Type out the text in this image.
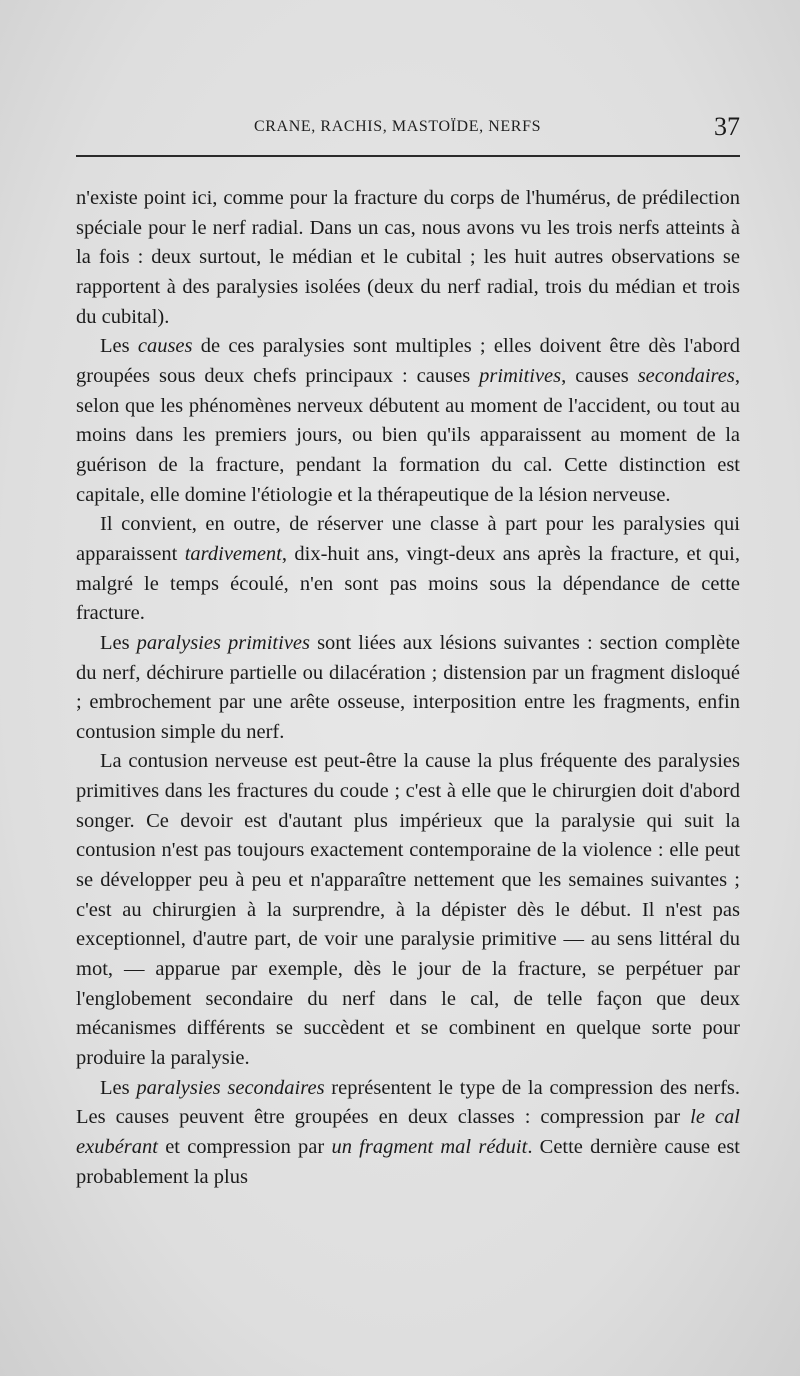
CRANE, RACHIS, MASTOÏDE, NERFS	37

n'existe point ici, comme pour la fracture du corps de l'humérus, de prédilection spéciale pour le nerf radial. Dans un cas, nous avons vu les trois nerfs atteints à la fois : deux surtout, le médian et le cubital ; les huit autres observations se rapportent à des paralysies isolées (deux du nerf radial, trois du médian et trois du cubital).

Les causes de ces paralysies sont multiples ; elles doivent être dès l'abord groupées sous deux chefs principaux : causes primitives, causes secondaires, selon que les phénomènes nerveux débutent au moment de l'accident, ou tout au moins dans les premiers jours, ou bien qu'ils apparaissent au moment de la guérison de la fracture, pendant la formation du cal. Cette distinction est capitale, elle domine l'étiologie et la thérapeutique de la lésion nerveuse.

Il convient, en outre, de réserver une classe à part pour les paralysies qui apparaissent tardivement, dix-huit ans, vingt-deux ans après la fracture, et qui, malgré le temps écoulé, n'en sont pas moins sous la dépendance de cette fracture.

Les paralysies primitives sont liées aux lésions suivantes : section complète du nerf, déchirure partielle ou dilacération ; distension par un fragment disloqué ; embrochement par une arête osseuse, interposition entre les fragments, enfin contusion simple du nerf.

La contusion nerveuse est peut-être la cause la plus fréquente des paralysies primitives dans les fractures du coude ; c'est à elle que le chirurgien doit d'abord songer. Ce devoir est d'autant plus impérieux que la paralysie qui suit la contusion n'est pas toujours exactement contemporaine de la violence : elle peut se développer peu à peu et n'apparaître nettement que les semaines suivantes ; c'est au chirurgien à la surprendre, à la dépister dès le début. Il n'est pas exceptionnel, d'autre part, de voir une paralysie primitive — au sens littéral du mot, — apparue par exemple, dès le jour de la fracture, se perpétuer par l'englobement secondaire du nerf dans le cal, de telle façon que deux mécanismes différents se succèdent et se combinent en quelque sorte pour produire la paralysie.

Les paralysies secondaires représentent le type de la compression des nerfs. Les causes peuvent être groupées en deux classes : compression par le cal exubérant et compression par un fragment mal réduit. Cette dernière cause est probablement la plus
